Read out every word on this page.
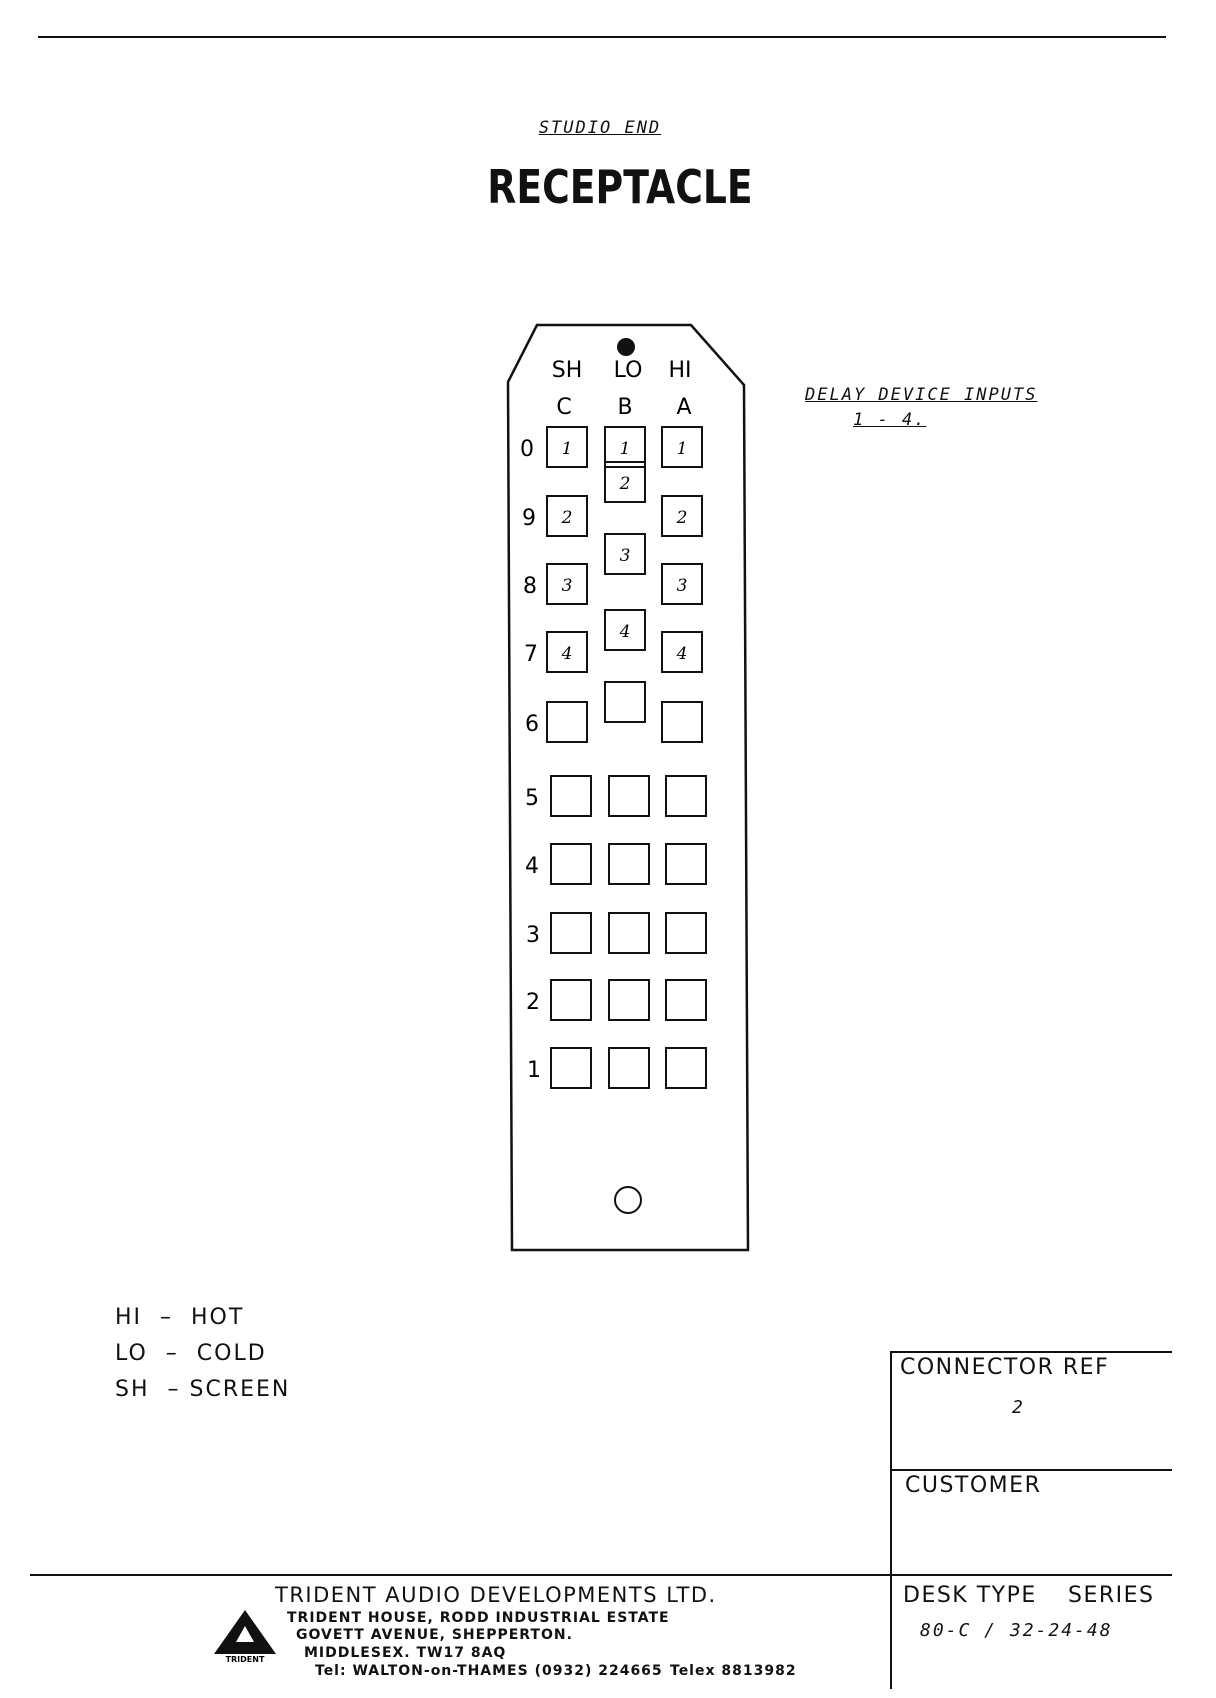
STUDIO END
RECEPTACLE
DELAY DEVICE INPUTS
1 - 4.
SH LO HI
C B A
0 1	1	1
9 2
2
2
8 3
3
3
7 4
4
4
6
5
4
3
2
1
HI  –  HOT
LO  –  COLD
SH  – SCREEN
CONNECTOR REF
2
CUSTOMER
DESK TYPE SERIES
80-C / 32-24-48
TRIDENT AUDIO DEVELOPMENTS LTD.
TRIDENT HOUSE, RODD INDUSTRIAL ESTATE
GOVETT AVENUE, SHEPPERTON.
MIDDLESEX. TW17 8AQ
Tel: WALTON-on-THAMES (0932) 224665 Telex 8813982
TRIDENT
